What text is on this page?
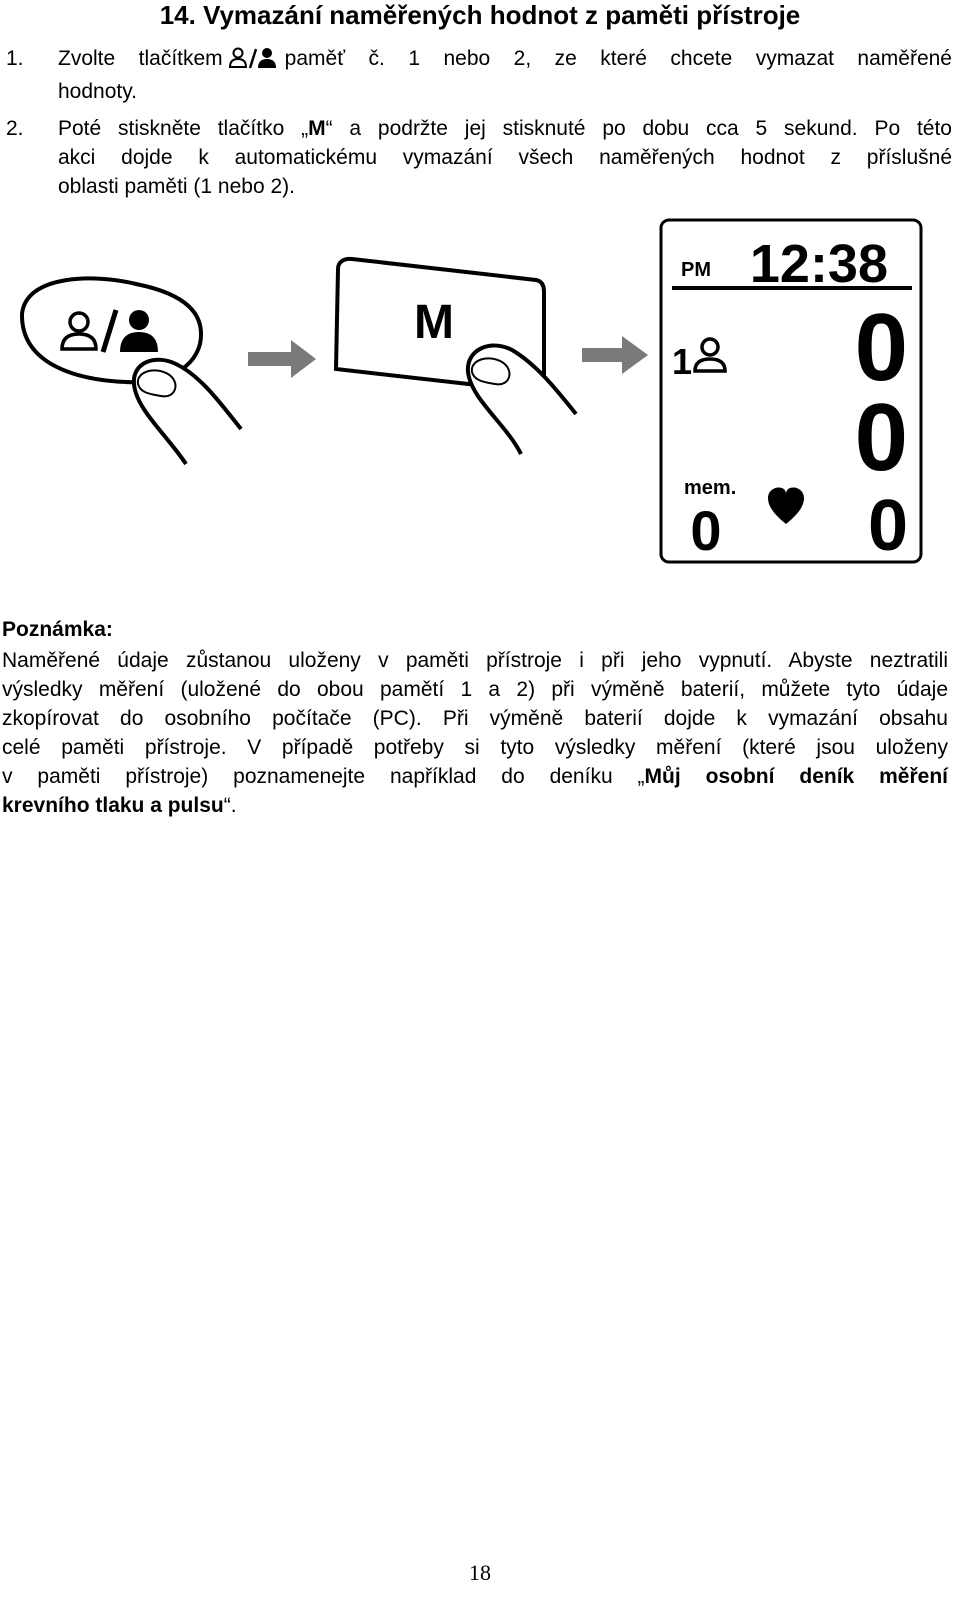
14. Vymazání naměřených hodnot z paměti přístroje
1. Zvolte tlačítkem	paměť č. 1 nebo 2, ze které chcete vymazat naměřené
hodnoty.
2. Poté stiskněte tlačítko „M“ a podržte jej stisknuté po dobu cca 5 sekund. Po této
akci dojde k automatickému vymazání všech naměřených hodnot z příslušné
oblasti paměti (1 nebo 2).
M
PM 12:38
1 0
0
mem.
0 0
Poznámka:
Naměřené údaje zůstanou uloženy v paměti přístroje i při jeho vypnutí. Abyste neztratili
výsledky měření (uložené do obou pamětí 1 a 2) při výměně baterií, můžete tyto údaje
zkopírovat do osobního počítače (PC). Při výměně baterií dojde k vymazání obsahu
celé paměti přístroje. V případě potřeby si tyto výsledky měření (které jsou uloženy
v paměti přístroje) poznamenejte například do deníku „Můj osobní deník měření
krevního tlaku a pulsu“.
18
